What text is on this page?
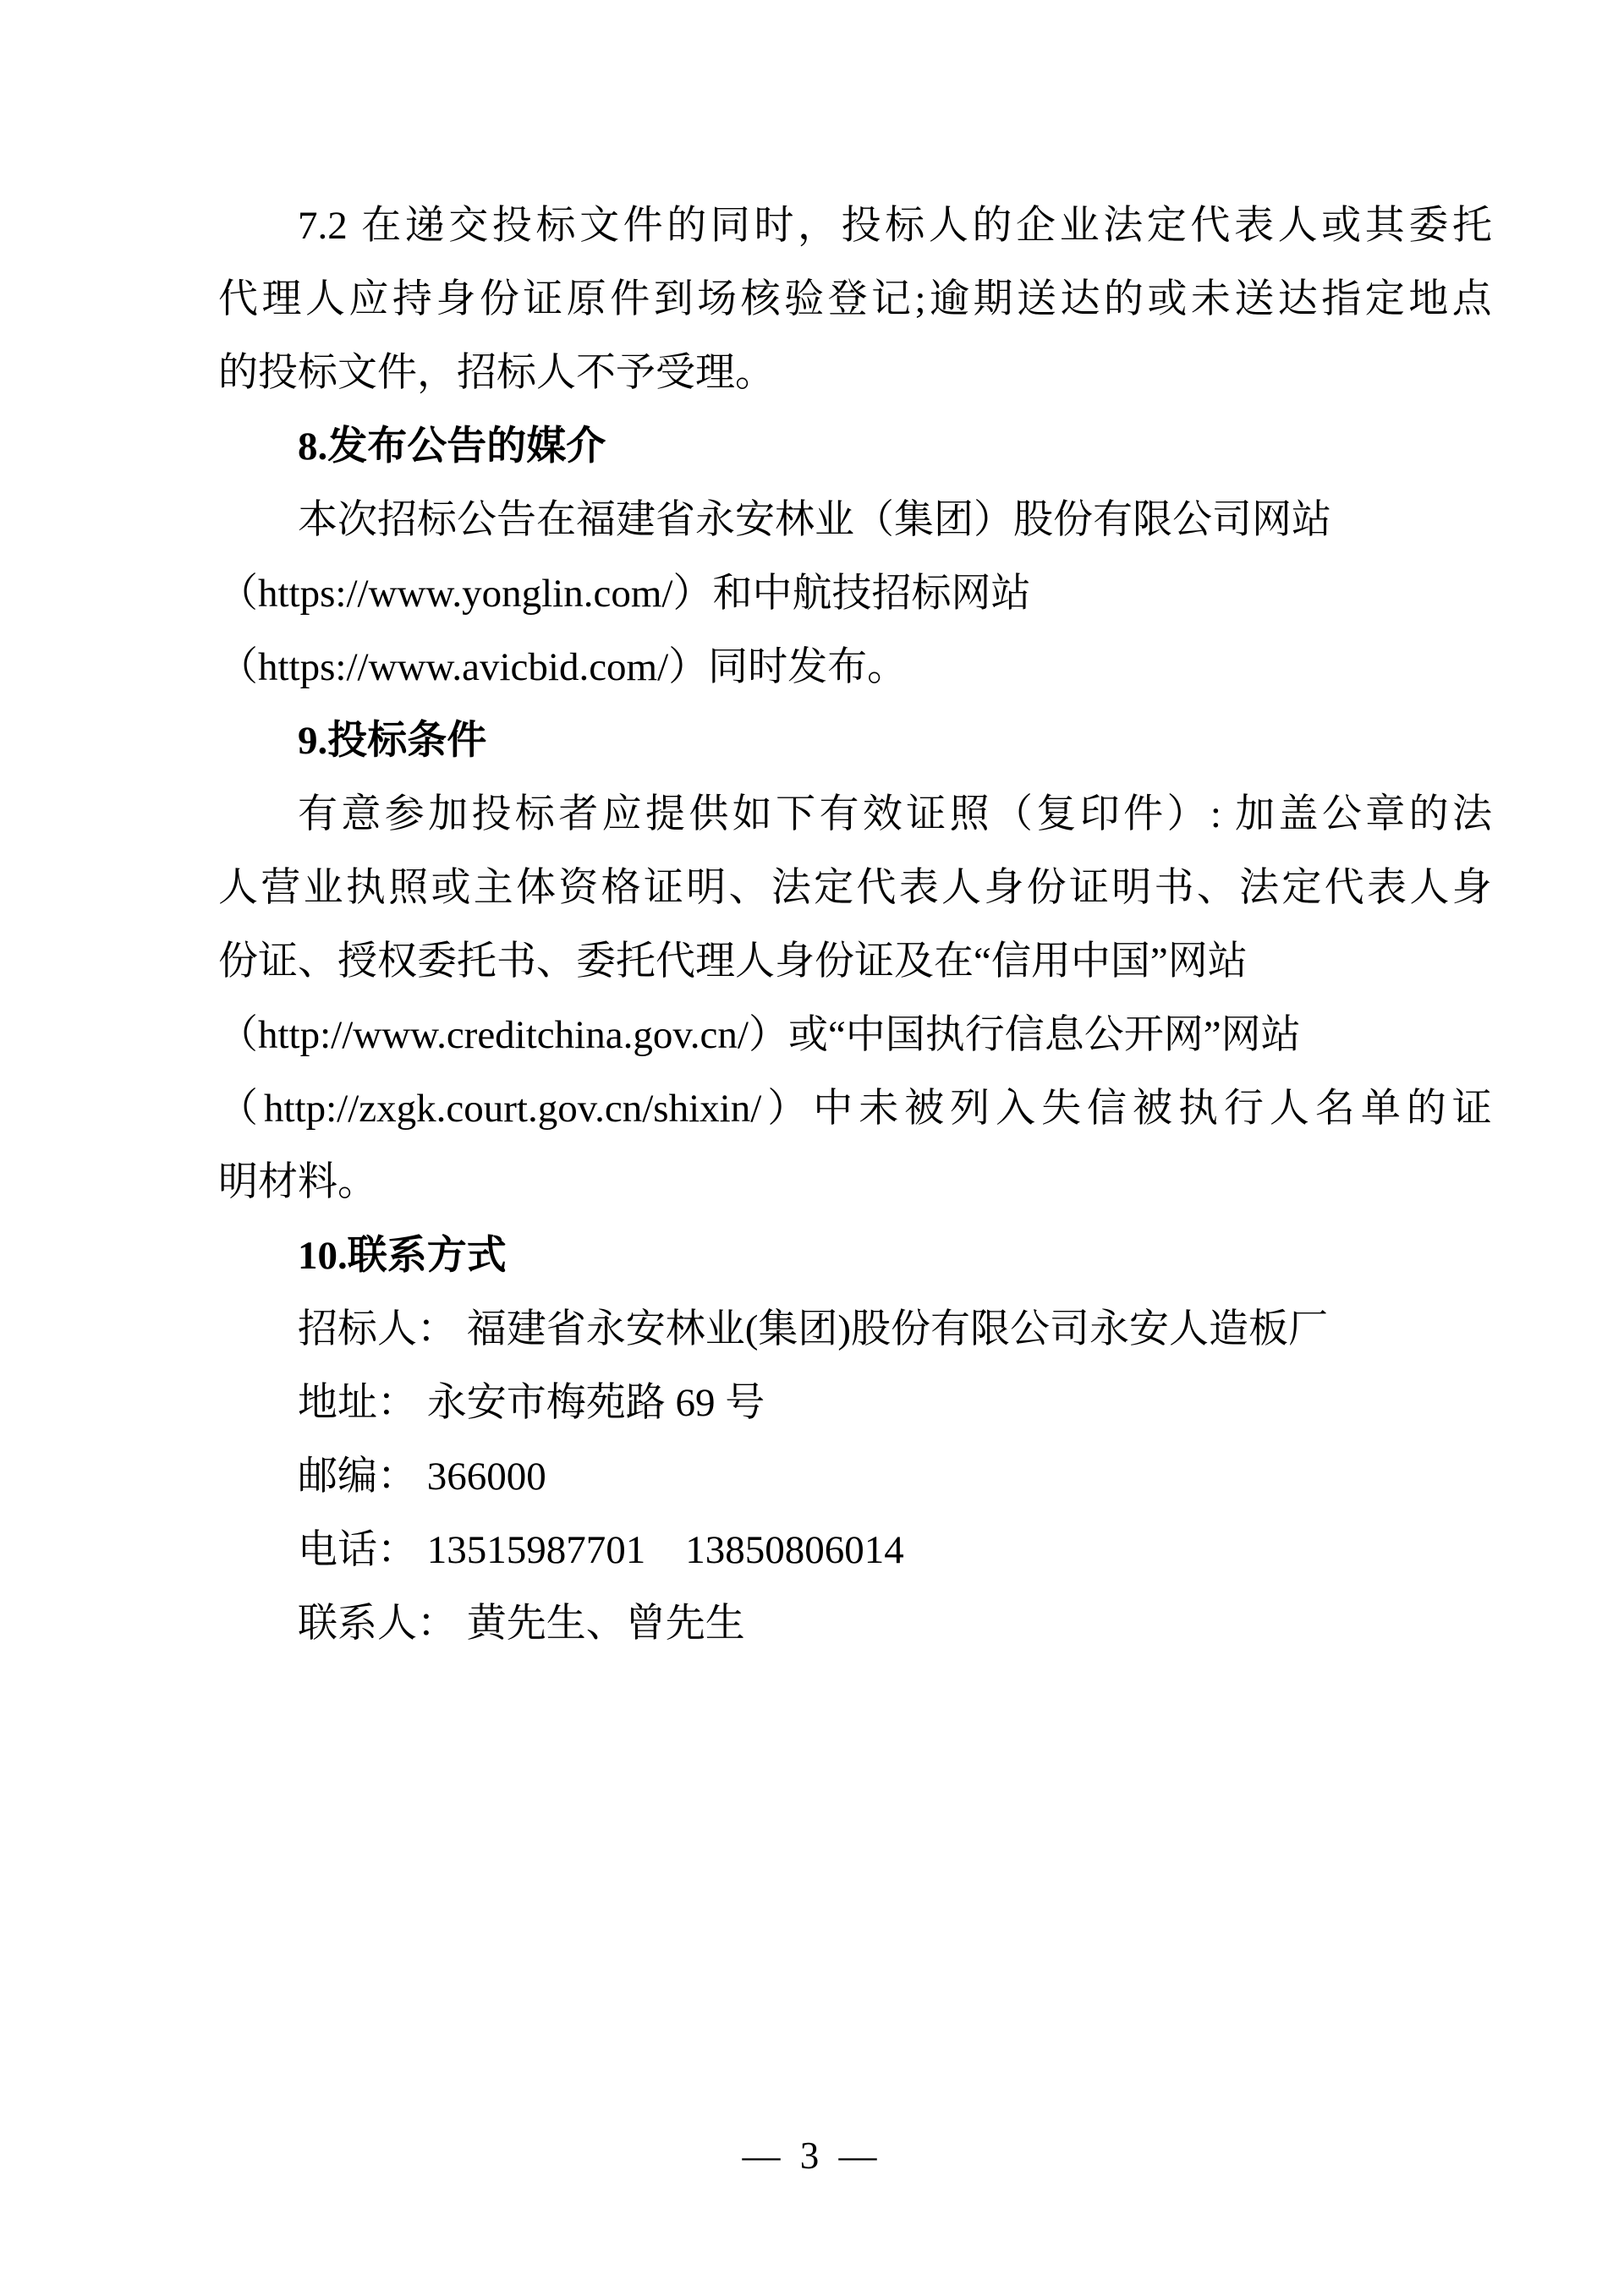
7.2 在 递 交 投 标 文 件 的 同 时 ， 投 标 人 的 企 业 法 定 代 表 人 或 其 委 托
代 理 人 应 持 身 份 证 原 件 到 场 核 验 登 记 ; 逾 期 送 达 的 或 未 送 达 指 定 地 点
的投标文件，招标人不予受理。
8.发布公告的媒介
本次招标公告在福建省永安林业（集团）股份有限公司网站
（https://www.yonglin.com/）和中航技招标网站
（https://www.avicbid.com/）同时发布。
9.投标条件
有 意 参 加 投 标 者 应 提 供 如 下 有 效 证 照 （ 复 印 件 ） : 加 盖 公 章 的 法
人 营 业 执 照 或 主 体 资 格 证 明 、 法 定 代 表 人 身 份 证 明 书 、 法 定 代 表 人 身
份证、授权委托书、委托代理人身份证及在“信用中国”网站
（http://www.creditchina.gov.cn/）或“中国执行信息公开网”网站
（ http://zxgk.court.gov.cn/shixin/ ） 中 未 被 列 入 失 信 被 执 行 人 名 单 的 证
明材料。
10.联系方式
招标人： 福建省永安林业(集团)股份有限公司永安人造板厂
地址： 永安市梅苑路 69 号
邮编： 366000
电话： 13515987701    13850806014
联系人： 黄先生、曾先生
— 3 —
